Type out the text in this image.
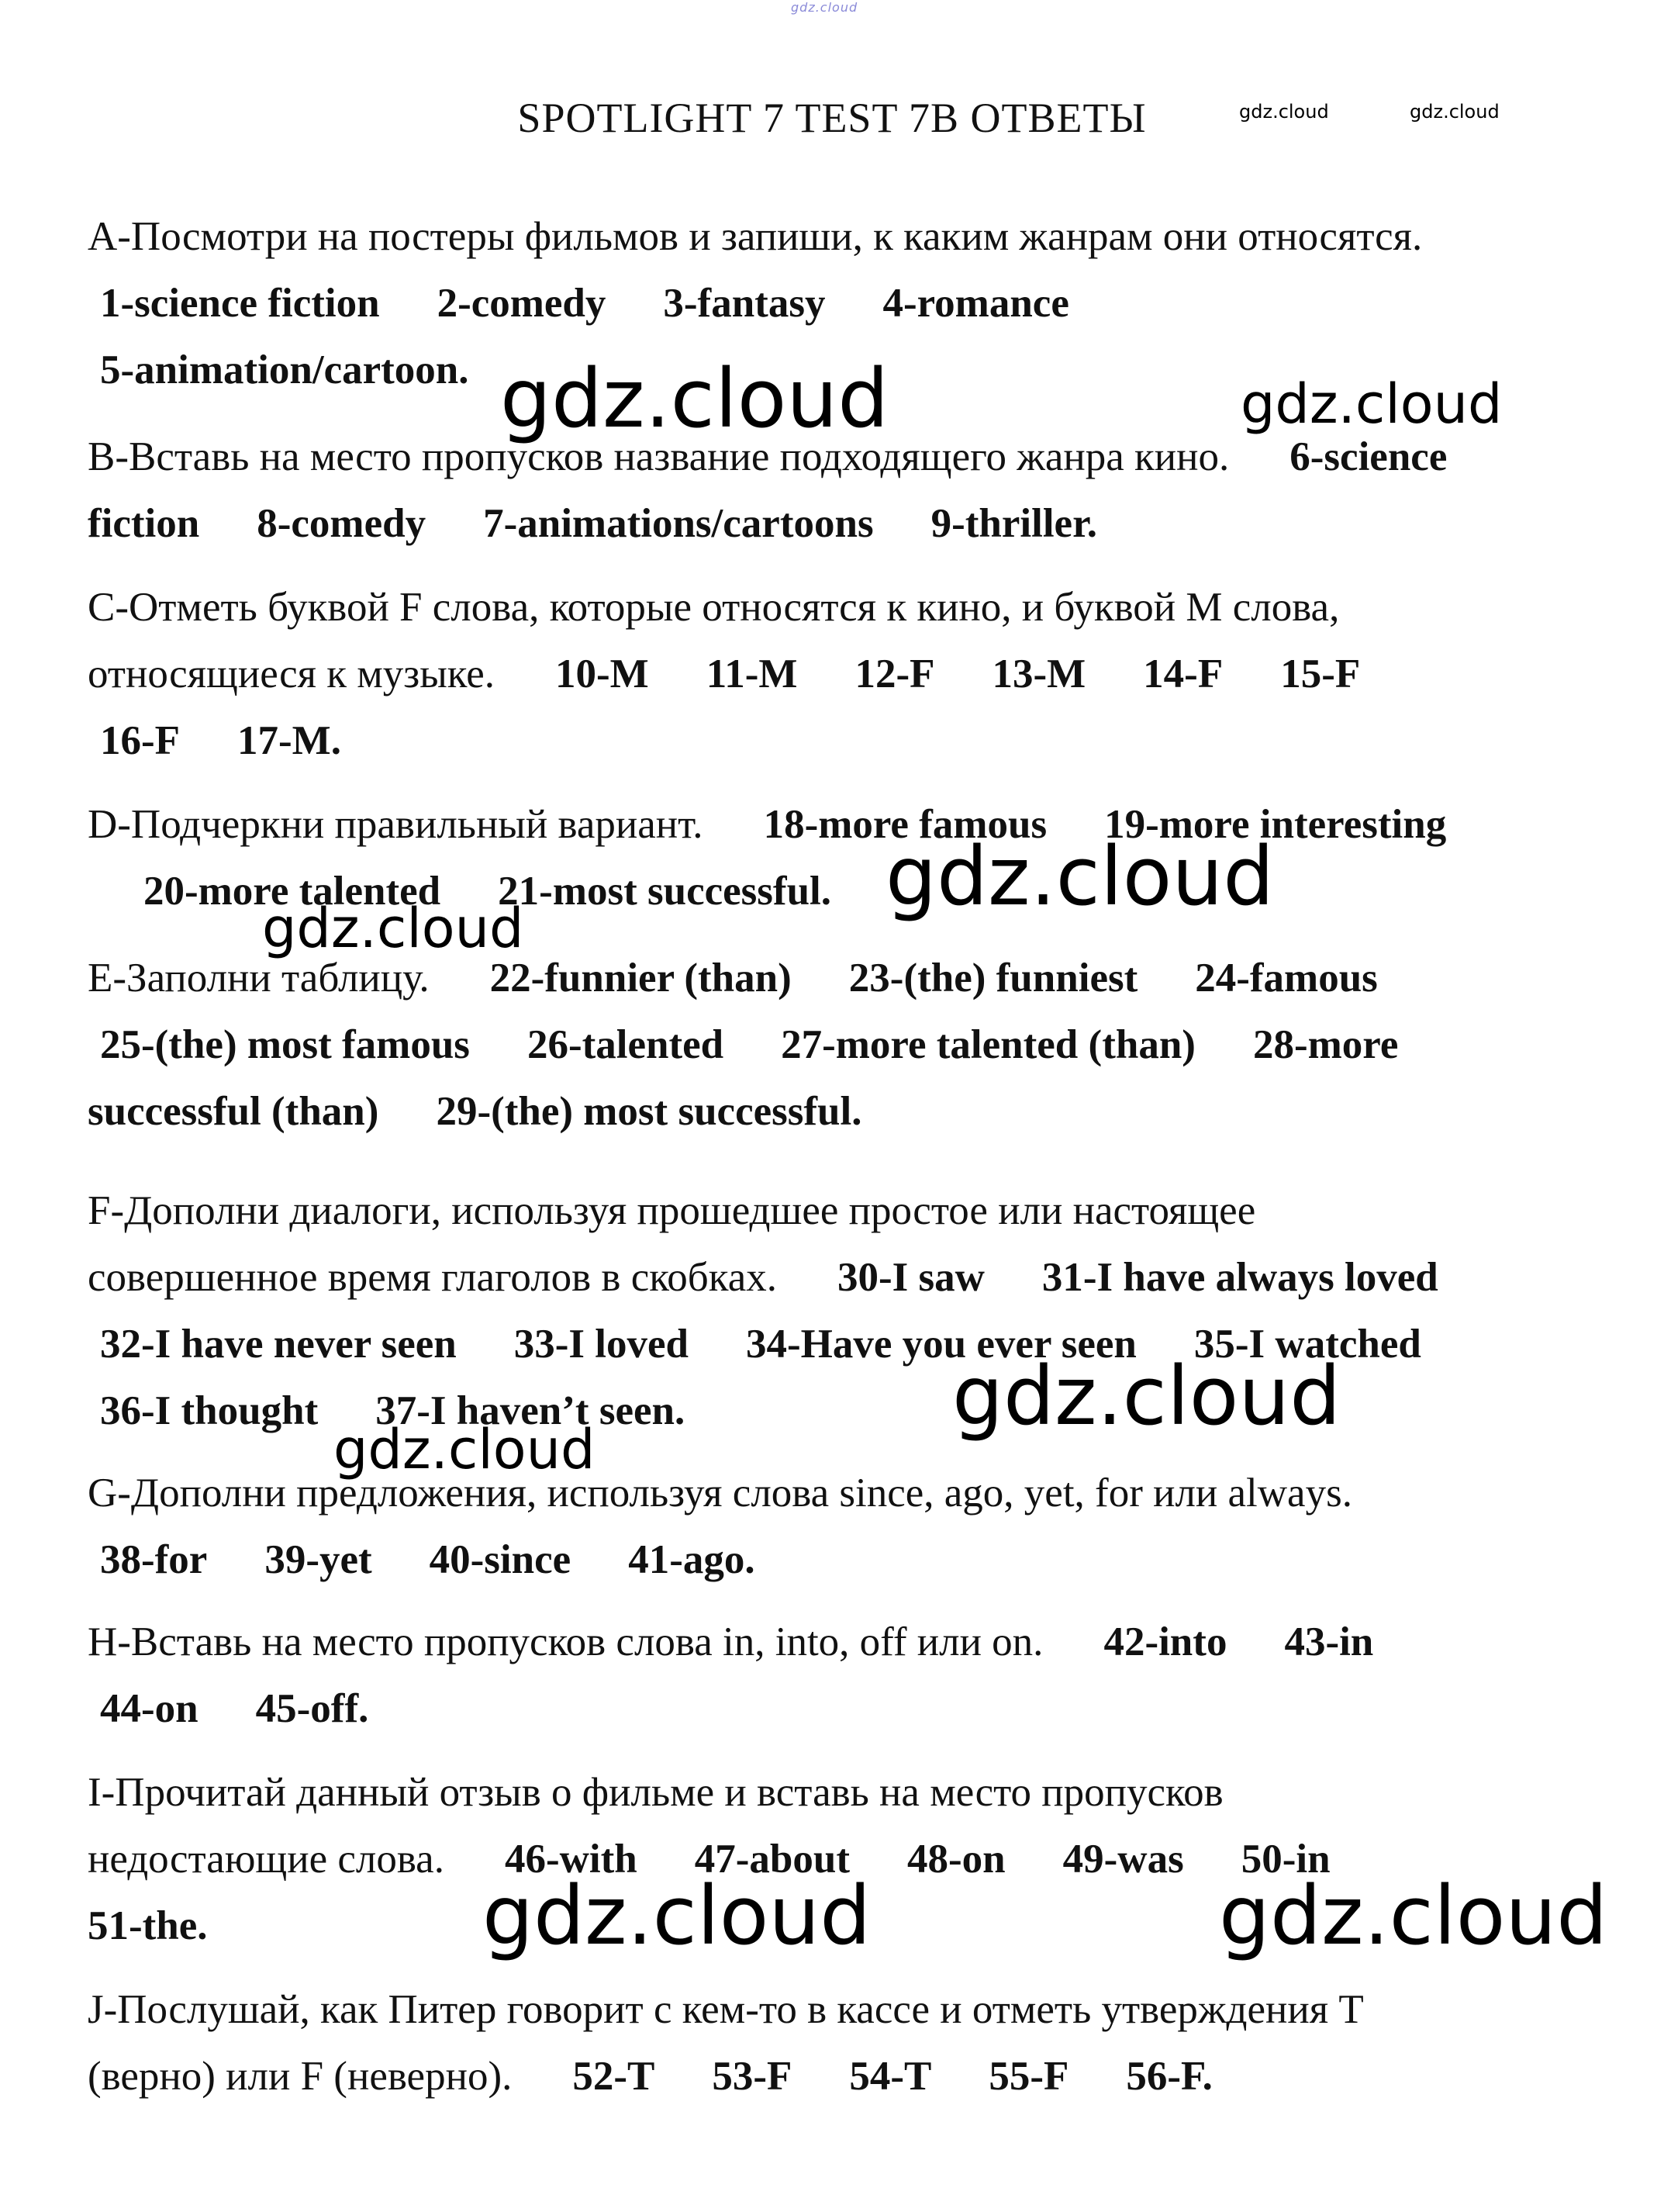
gdz.cloud
SPOTLIGHT 7 TEST 7B ОТВЕТЫ	gdz.cloud	gdz.cloud
A-Посмотри на постеры фильмов и запиши, к каким жанрам они относятся.
1-science fiction 2-comedy 3-fantasy 4-romance
5-animation/cartoon. gdz.cloud	gdz.cloud
B-Вставь на место пропусков название подходящего жанра кино. 6-science
fiction 8-comedy 7-animations/cartoons 9-thriller.
C-Отметь буквой F слова, которые относятся к кино, и буквой M слова,
относящиеся к музыке. 10-M 11-M 12-F 13-M 14-F 15-F
16-F 17-M.
D-Подчеркни правильный вариант. 18-more famous 19-more interesting
20-more talented 21-most successful. gdz.cloud
gdz.cloud
E-Заполни таблицу. 22-funnier (than) 23-(the) funniest 24-famous
25-(the) most famous 26-talented 27-more talented (than) 28-more
successful (than) 29-(the) most successful.
F-Дополни диалоги, используя прошедшее простое или настоящее
совершенное время глаголов в скобках. 30-I saw 31-I have always loved
32-I have never seen 33-I loved 34-Have you ever seen 35-I watched
36-I thought 37-I haven’t seen.	gdz.cloud
gdz.cloud
G-Дополни предложения, используя слова since, ago, yet, for или always.
38-for 39-yet 40-since 41-ago.
H-Вставь на место пропусков слова in, into, off или on. 42-into 43-in
44-on 45-off.
I-Прочитай данный отзыв о фильме и вставь на место пропусков
недостающие слова. 46-with 47-about 48-on 49-was 50-in
51-the.	gdz.cloud	gdz.cloud
J-Послушай, как Питер говорит с кем-то в кассе и отметь утверждения T
(верно) или F (неверно). 52-T 53-F 54-T 55-F 56-F.
